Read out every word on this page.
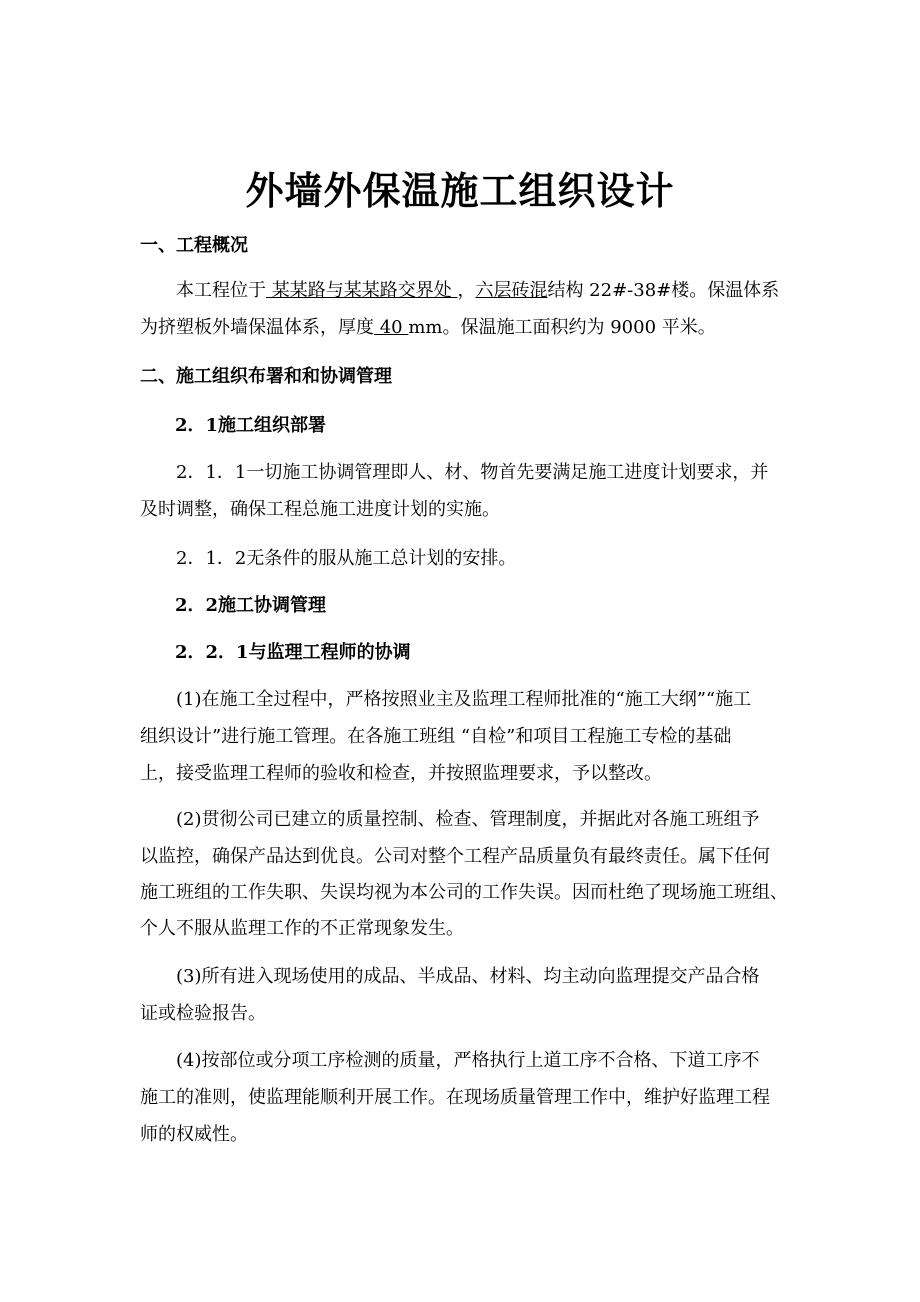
外墙外保温施工组织设计
一、工程概况
本工程位于 某某路与某某路交界处 ，六层砖混结构 22#-38#楼。保温体系
为挤塑板外墙保温体系，厚度 40 mm。保温施工面积约为 9000 平米。
二、施工组织布署和和协调管理
2．1施工组织部署
2．1．1一切施工协调管理即人、材、物首先要满足施工进度计划要求，并
及时调整，确保工程总施工进度计划的实施。
2．1．2无条件的服从施工总计划的安排。
2．2施工协调管理
2．2．1与监理工程师的协调
(1)在施工全过程中，严格按照业主及监理工程师批准的“施工大纲”“施工
组织设计”进行施工管理。在各施工班组 “自检”和项目工程施工专检的基础
上，接受监理工程师的验收和检查，并按照监理要求，予以整改。
(2)贯彻公司已建立的质量控制、检查、管理制度，并据此对各施工班组予
以监控，确保产品达到优良。公司对整个工程产品质量负有最终责任。属下任何
施工班组的工作失职、失误均视为本公司的工作失误。因而杜绝了现场施工班组、
个人不服从监理工作的不正常现象发生。
(3)所有进入现场使用的成品、半成品、材料、均主动向监理提交产品合格
证或检验报告。
(4)按部位或分项工序检测的质量，严格执行上道工序不合格、下道工序不
施工的准则，使监理能顺利开展工作。在现场质量管理工作中，维护好监理工程
师的权威性。
